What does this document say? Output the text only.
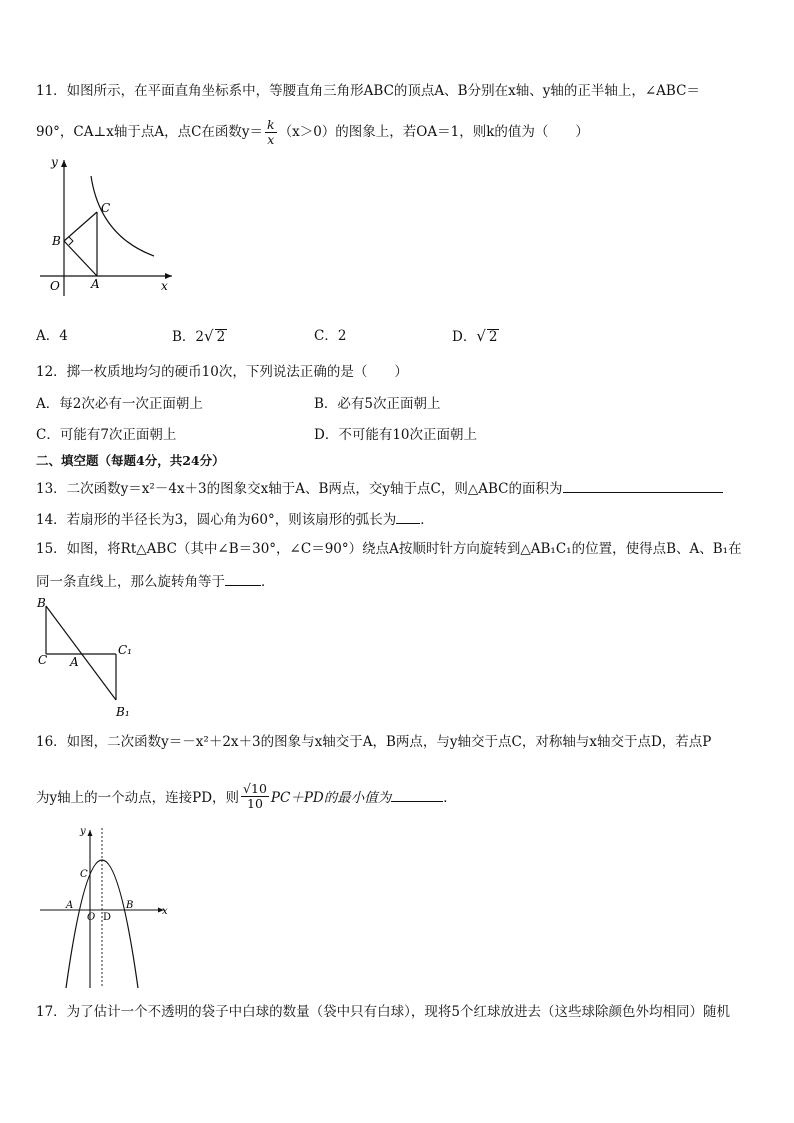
11．如图所示，在平面直角坐标系中，等腰直角三角形ABC的顶点A、B分别在x轴、y轴的正半轴上，∠ABC＝
90°，CA⊥x轴于点A，点C在函数$y= \frac{k}{x} (x>0)$的图象上，若OA＝1，则k的值为（　　）
y
x
O	A
B
C
A．4	B．2√ 2	C．2	D．√ 2
12．掷一枚质地均匀的硬币10次，下列说法正确的是（　　）
A．每2次必有一次正面朝上	B．必有5次正面朝上
C．可能有7次正面朝上	D．不可能有10次正面朝上
二、填空题（每题4分，共24分）
13．二次函数y＝x²－4x＋3的图象交x轴于A、B两点，交y轴于点C，则△ABC的面积为
14．若扇形的半径长为3，圆心角为60°，则该扇形的弧长为 ．
15．如图，将Rt△ABC（其中∠B＝30°，∠C＝90°）绕点A按顺时针方向旋转到△AB₁C₁的位置，使得点B、A、B₁在
同一条直线上，那么旋转角等于	．
B
C A
C₁
B₁
16．如图，二次函数y＝－x²＋2x＋3的图象与x轴交于A，B两点，与y轴交于点C，对称轴与x轴交于点D，若点P
为y轴上的一个动点，连接PD，则 $\frac{√10}{10} PC+PD$的最小值为	．
y
x
O
A	B
C
D
17．为了估计一个不透明的袋子中白球的数量（袋中只有白球），现将5个红球放进去（这些球除颜色外均相同）随机
